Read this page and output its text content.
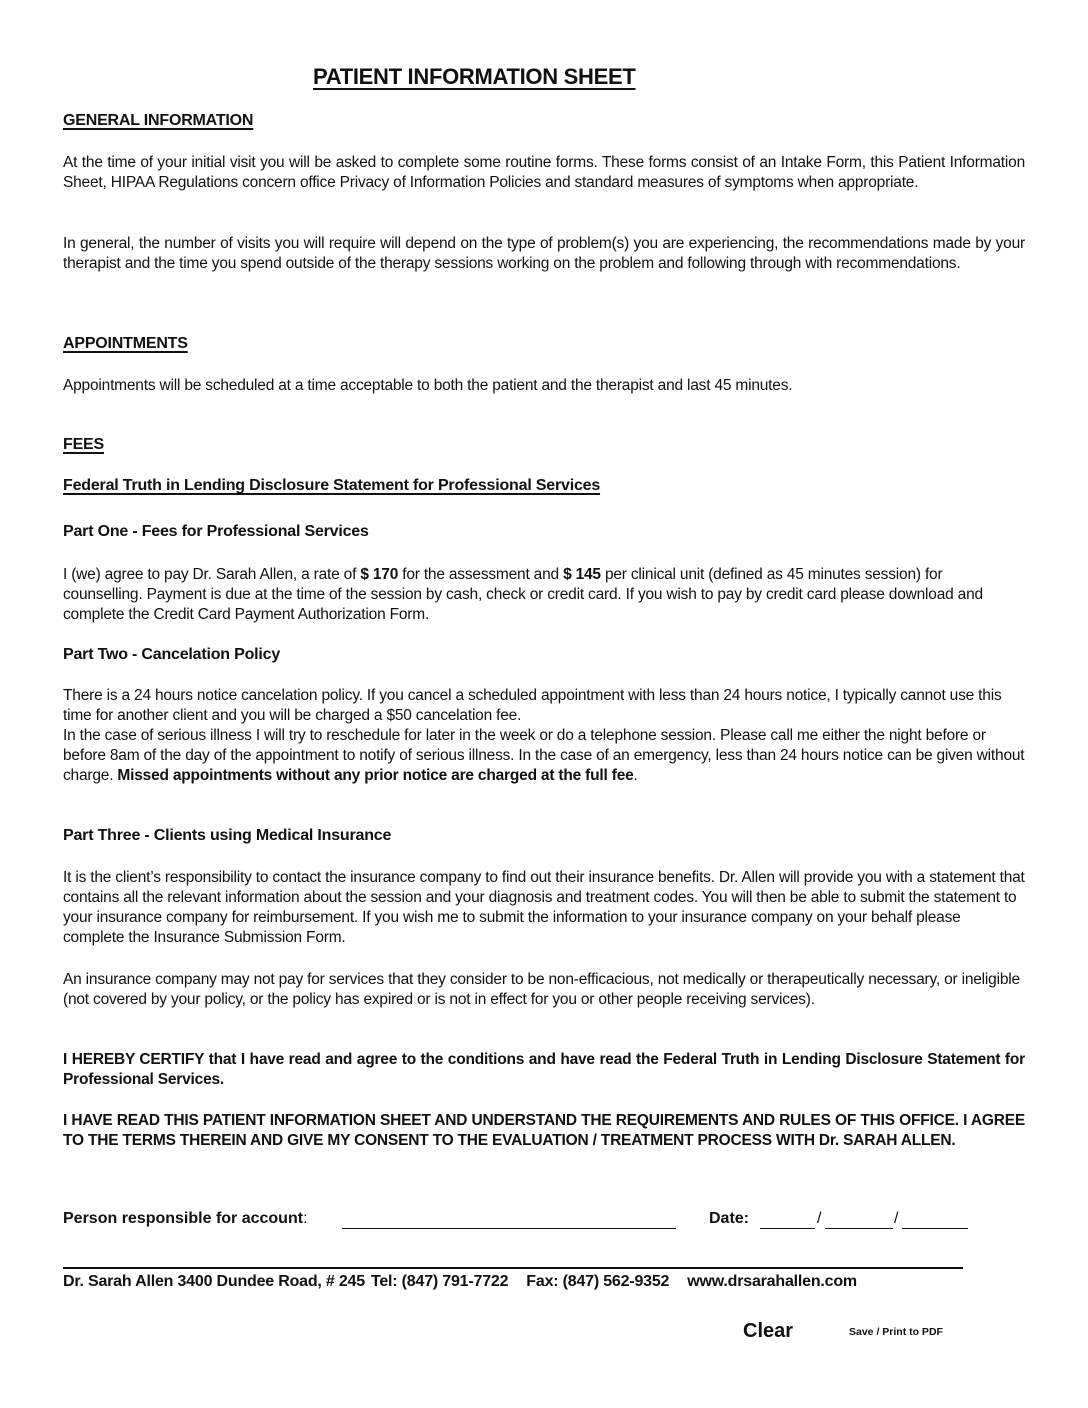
PATIENT INFORMATION SHEET
GENERAL INFORMATION
At the time of your initial visit you will be asked to complete some routine forms. These forms consist of an Intake Form, this Patient Information Sheet, HIPAA Regulations concern office Privacy of Information Policies and standard measures of symptoms when appropriate.
In general, the number of visits you will require will depend on the type of problem(s) you are experiencing, the recommendations made by your therapist and the time you spend outside of the therapy sessions working on the problem and following through with recommendations.
APPOINTMENTS
Appointments will be scheduled at a time acceptable to both the patient and the therapist and last 45 minutes.
FEES
Federal Truth in Lending Disclosure Statement for Professional Services
Part One - Fees for Professional Services
I (we) agree to pay Dr. Sarah Allen, a rate of $ 170 for the assessment and $ 145 per clinical unit (defined as 45 minutes session) for counselling. Payment is due at the time of the session by cash, check or credit card. If you wish to pay by credit card please download and complete the Credit Card Payment Authorization Form.
Part Two - Cancelation Policy
There is a 24 hours notice cancelation policy. If you cancel a scheduled appointment with less than 24 hours notice, I typically cannot use this time for another client and you will be charged a $50 cancelation fee.
In the case of serious illness I will try to reschedule for later in the week or do a telephone session. Please call me either the night before or before 8am of the day of the appointment to notify of serious illness. In the case of an emergency, less than 24 hours notice can be given without charge. Missed appointments without any prior notice are charged at the full fee.
Part Three - Clients using Medical Insurance
It is the client’s responsibility to contact the insurance company to find out their insurance benefits. Dr. Allen will provide you with a statement that contains all the relevant information about the session and your diagnosis and treatment codes. You will then be able to submit the statement to your insurance company for reimbursement. If you wish me to submit the information to your insurance company on your behalf please complete the Insurance Submission Form.
An insurance company may not pay for services that they consider to be non-efficacious, not medically or therapeutically necessary, or ineligible (not covered by your policy, or the policy has expired or is not in effect for you or other people receiving services).
I HEREBY CERTIFY that I have read and agree to the conditions and have read the Federal Truth in Lending Disclosure Statement for Professional Services.
I HAVE READ THIS PATIENT INFORMATION SHEET AND UNDERSTAND THE REQUIREMENTS AND RULES OF THIS OFFICE. I AGREE TO THE TERMS THEREIN AND GIVE MY CONSENT TO THE EVALUATION / TREATMENT PROCESS WITH Dr. SARAH ALLEN.
Person responsible for account:	Date:	/	/
Dr. Sarah Allen 3400 Dundee Road, # 245 Tel: (847) 791-7722 Fax: (847) 562-9352 www.drsarahallen.com
Clear	Save / Print to PDF
